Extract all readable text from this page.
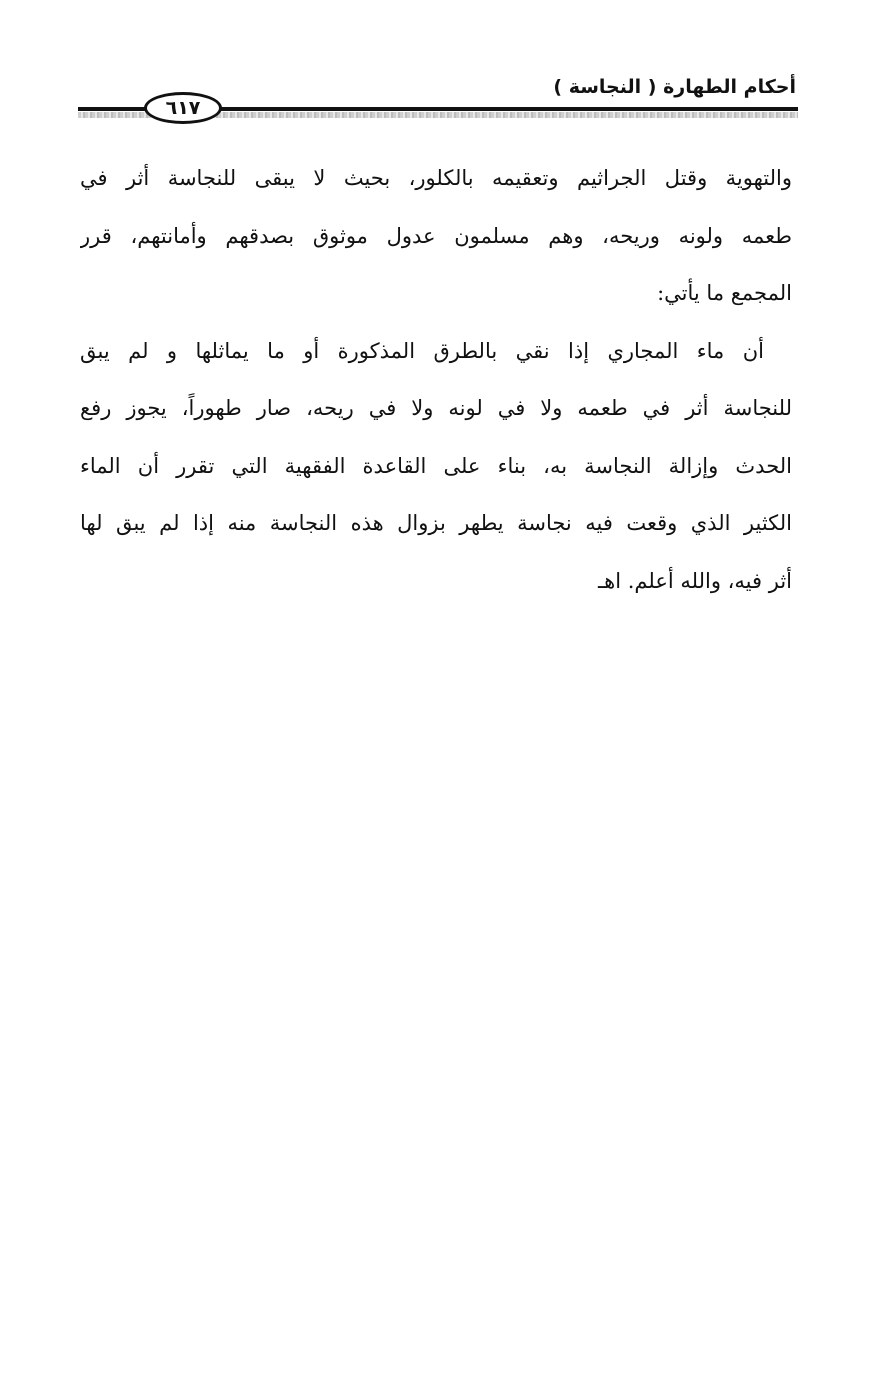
أحكام الطهارة ( النجاسة )
٦١٧
والتهوية وقتل الجراثيم وتعقيمه بالكلور، بحيث لا يبقى للنجاسة أثر في
طعمه ولونه وريحه، وهم مسلمون عدول موثوق بصدقهم وأمانتهم، قرر
المجمع ما يأتي:
أن ماء المجاري إذا نقي بالطرق المذكورة أو ما يماثلها و لم يبق
للنجاسة أثر في طعمه ولا في لونه ولا في ريحه، صار طهوراً، يجوز رفع
الحدث وإزالة النجاسة به، بناء على القاعدة الفقهية التي تقرر أن الماء
الكثير الذي وقعت فيه نجاسة يطهر بزوال هذه النجاسة منه إذا لم يبق لها
أثر فيه، والله أعلم. اهـ
